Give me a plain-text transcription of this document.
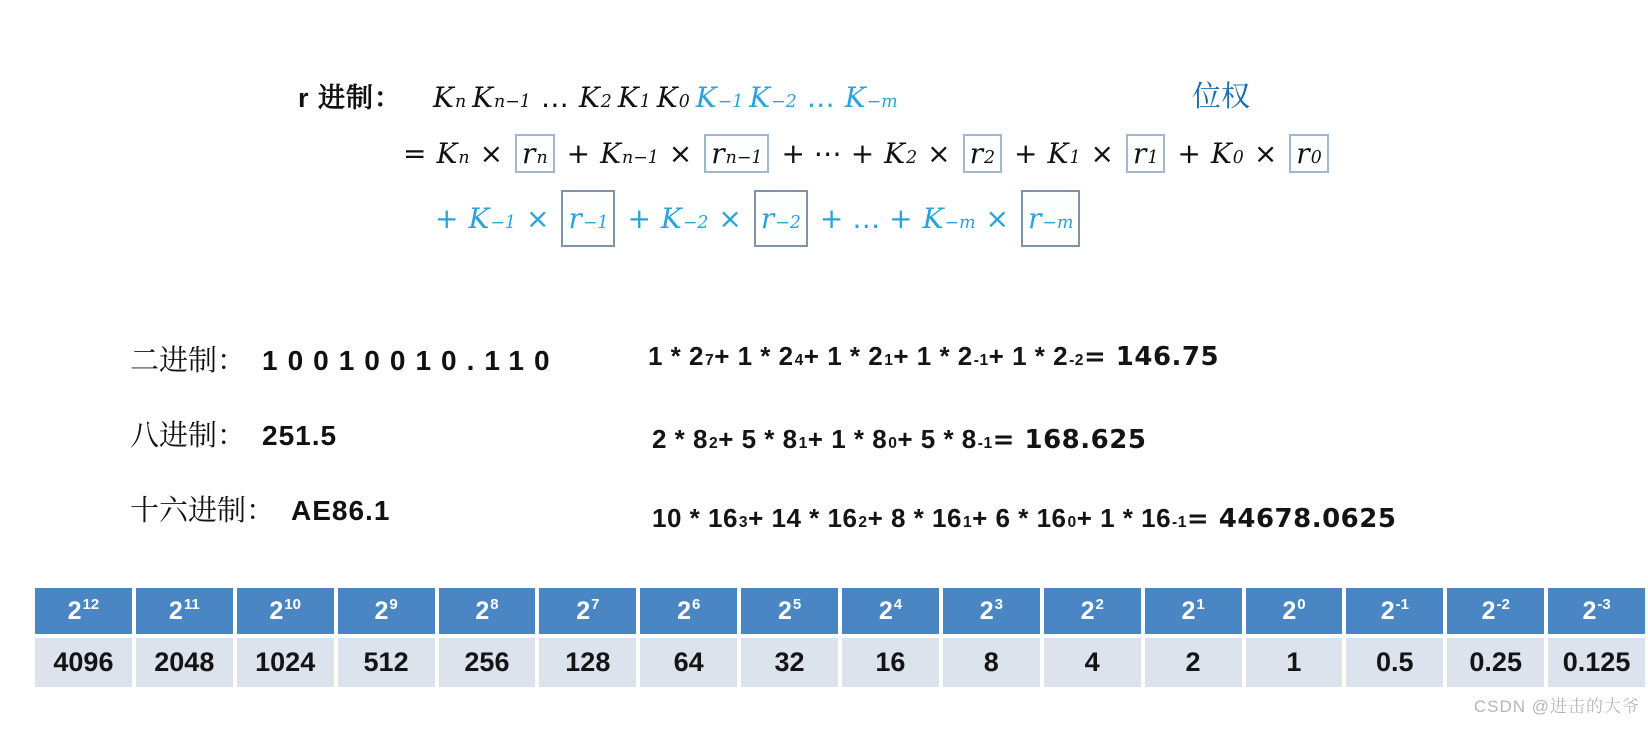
r 进制： K n K n−1 … K 2 K 1 K 0 K −1 K −2 … K −m	位权
= K n × r n + K n−1 × r n−1 + ⋯ + K 2 × r 2 + K 1 × r 1 + K 0 × r 0
+ K −1 × r −1 + K −2 × r −2 + … + K −m × r −m
二进制： 10010010.110	1 * 2 7 + 1 * 2 4 + 1 * 2 1 + 1 * 2 -1 + 1 * 2 -2 = 146.75
八进制： 251.5	2 * 8 2 + 5 * 8 1 + 1 * 8 0 + 5 * 8 -1 = 168.625
十六进制： AE86.1	10 * 16 3 + 14 * 16 2 + 8 * 16 1 + 6 * 16 0 + 1 * 16 -1 = 44678.0625
$2^{12}$	$2^{11}$	$2^{10}$	$2^9$	$2^8$	$2^7$	$2^6$	$2^5$	$2^4$	$2^3$	$2^2$	$2^1$	$2^0$	$2^{-1}$	$2^{-2}$	$2^{-3}$
4096	2048	1024	512	256	128	64	32	16	8	4	2	1	0.5	0.25	0.125
CSDN @进击的大爷
